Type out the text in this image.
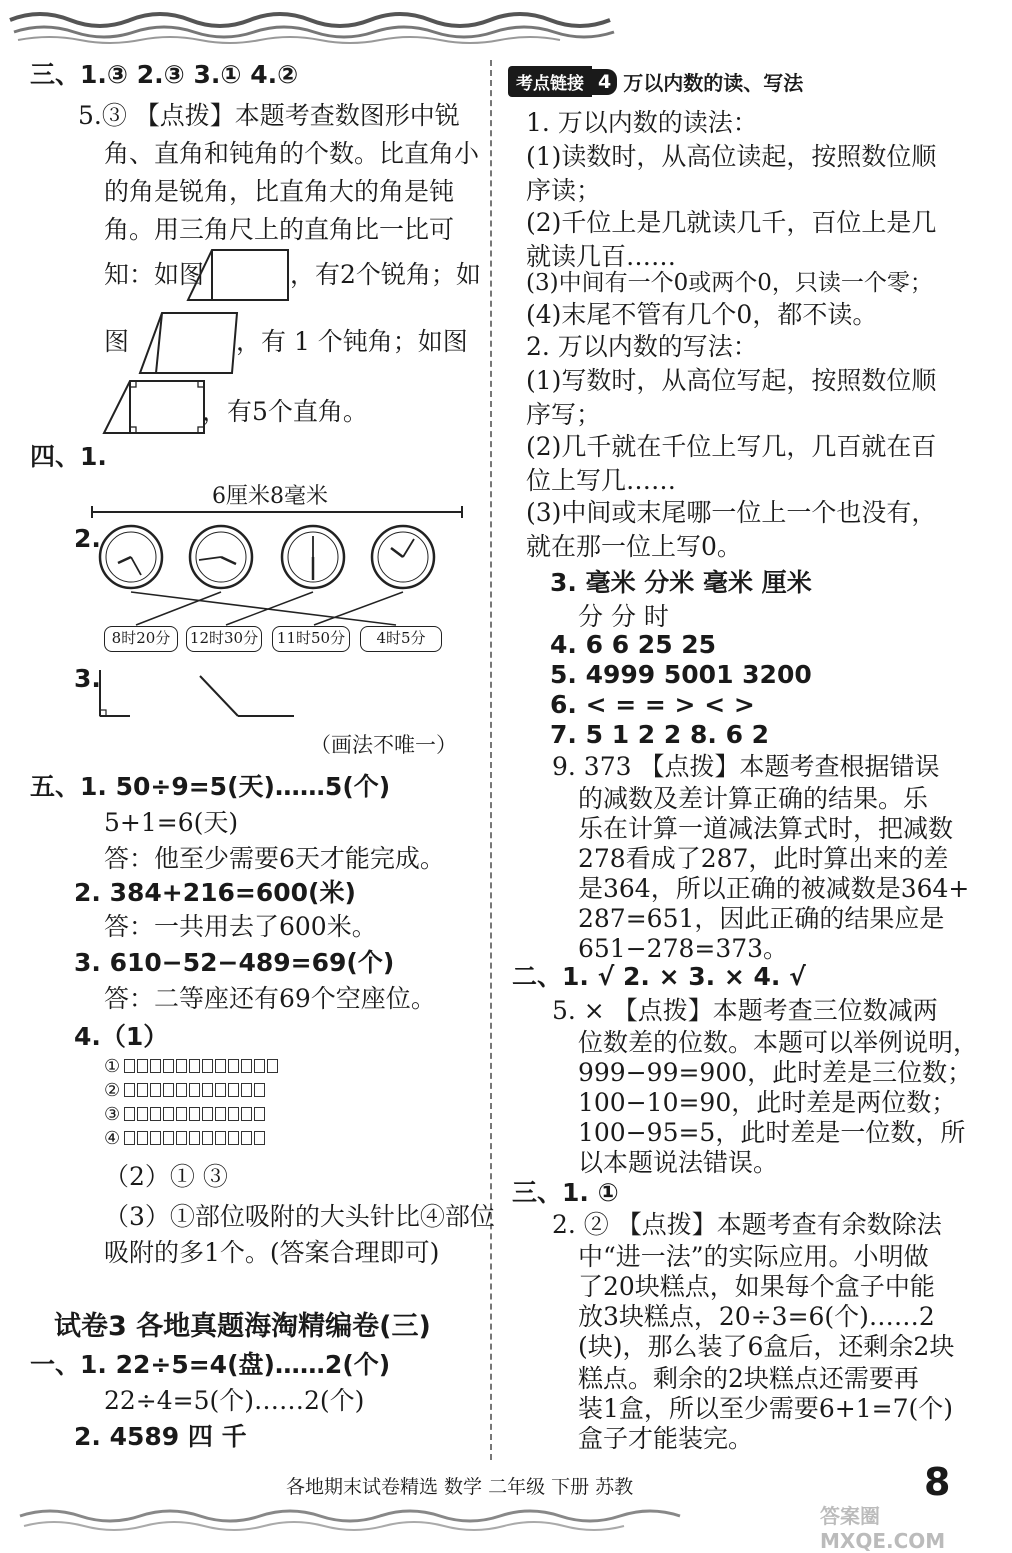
三、1.③ 2.③ 3.① 4.②
5.③ 【点拨】本题考查数图形中锐
角、直角和钝角的个数。比直角小
的角是锐角，比直角大的角是钝
角。用三角尺上的直角比一比可
知：如图	，有2个锐角；如
图	，有 1 个钝角；如图
，有5个直角。
四、1.
6厘米8毫米
2.
8时20分	12时30分	11时50分	4时5分
3.
（画法不唯一）
五、1. 50÷9=5(天)……5(个)
5+1=6(天)
答：他至少需要6天才能完成。
2. 384+216=600(米)
答：一共用去了600米。
3. 610−52−489=69(个)
答：二等座还有69个空座位。
4.（1）
①
②
③
④
（2）① ③
（3）①部位吸附的大头针比④部位
吸附的多1个。(答案合理即可)
试卷3 各地真题海淘精编卷(三)
一、1. 22÷5=4(盘)……2(个)
22÷4=5(个)……2(个)
2. 4589 四 千
考点链接 4 万以内数的读、写法
1. 万以内数的读法：
(1)读数时，从高位读起，按照数位顺
序读；
(2)千位上是几就读几千，百位上是几
就读几百……
(3)中间有一个0或两个0，只读一个零；
(4)末尾不管有几个0，都不读。
2. 万以内数的写法：
(1)写数时，从高位写起，按照数位顺
序写；
(2)几千就在千位上写几，几百就在百
位上写几……
(3)中间或末尾哪一位上一个也没有，
就在那一位上写0。
3. 毫米 分米 毫米 厘米
分 分 时
4. 6 6 25 25
5. 4999 5001 3200
6. < = = > < >
7. 5 1 2 2 8. 6 2
9. 373 【点拨】本题考查根据错误
的减数及差计算正确的结果。乐
乐在计算一道减法算式时，把减数
278看成了287，此时算出来的差
是364，所以正确的被减数是364+
287=651，因此正确的结果应是
651−278=373。
二、1. √ 2. × 3. × 4. √
5. × 【点拨】本题考查三位数减两
位数差的位数。本题可以举例说明，
999−99=900，此时差是三位数；
100−10=90，此时差是两位数；
100−95=5，此时差是一位数，所
以本题说法错误。
三、1. ①
2. ② 【点拨】本题考查有余数除法
中“进一法”的实际应用。小明做
了20块糕点，如果每个盒子中能
放3块糕点，20÷3=6(个)……2
(块)，那么装了6盒后，还剩余2块
糕点。剩余的2块糕点还需要再
装1盒，所以至少需要6+1=7(个)
盒子才能装完。
各地期末试卷精选 数学 二年级 下册 苏教	8
答案圈 MXQE.COM
